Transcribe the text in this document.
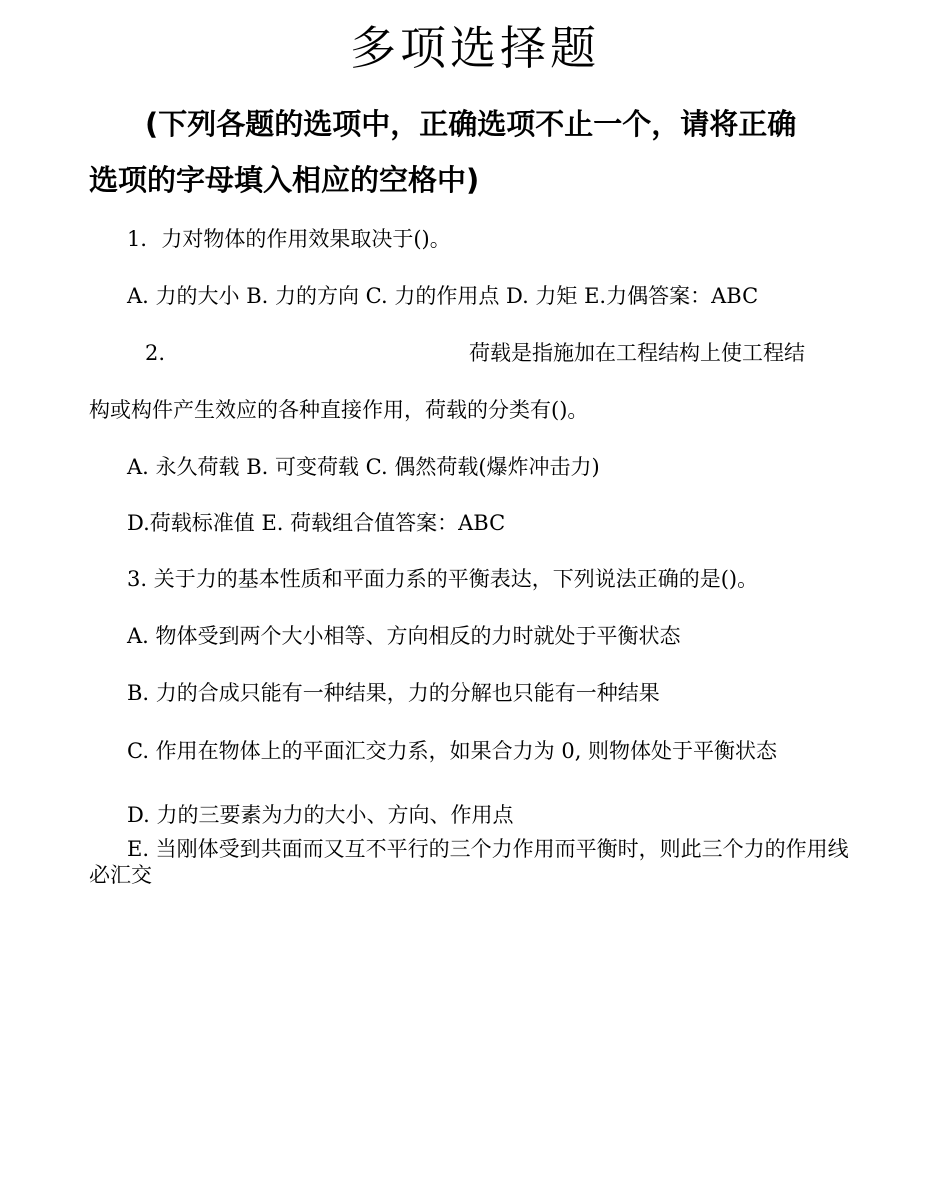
多项选择题
(下列各题的选项中，正确选项不止一个，请将正确
选项的字母填入相应的空格中)
1．力对物体的作用效果取决于()。
A. 力的大小 B. 力的方向 C. 力的作用点 D. 力矩 E.力偶答案：ABC
2.	荷载是指施加在工程结构上使工程结
构或构件产生效应的各种直接作用，荷载的分类有()。
A. 永久荷载 B. 可变荷载 C. 偶然荷载(爆炸冲击力)
D.荷载标准值 E. 荷载组合值答案：ABC
3. 关于力的基本性质和平面力系的平衡表达，下列说法正确的是()。
A. 物体受到两个大小相等、方向相反的力时就处于平衡状态
B. 力的合成只能有一种结果，力的分解也只能有一种结果
C. 作用在物体上的平面汇交力系，如果合力为 0, 则物体处于平衡状态
D. 力的三要素为力的大小、方向、作用点
E. 当刚体受到共面而又互不平行的三个力作用而平衡时，则此三个力的作用线必汇交
